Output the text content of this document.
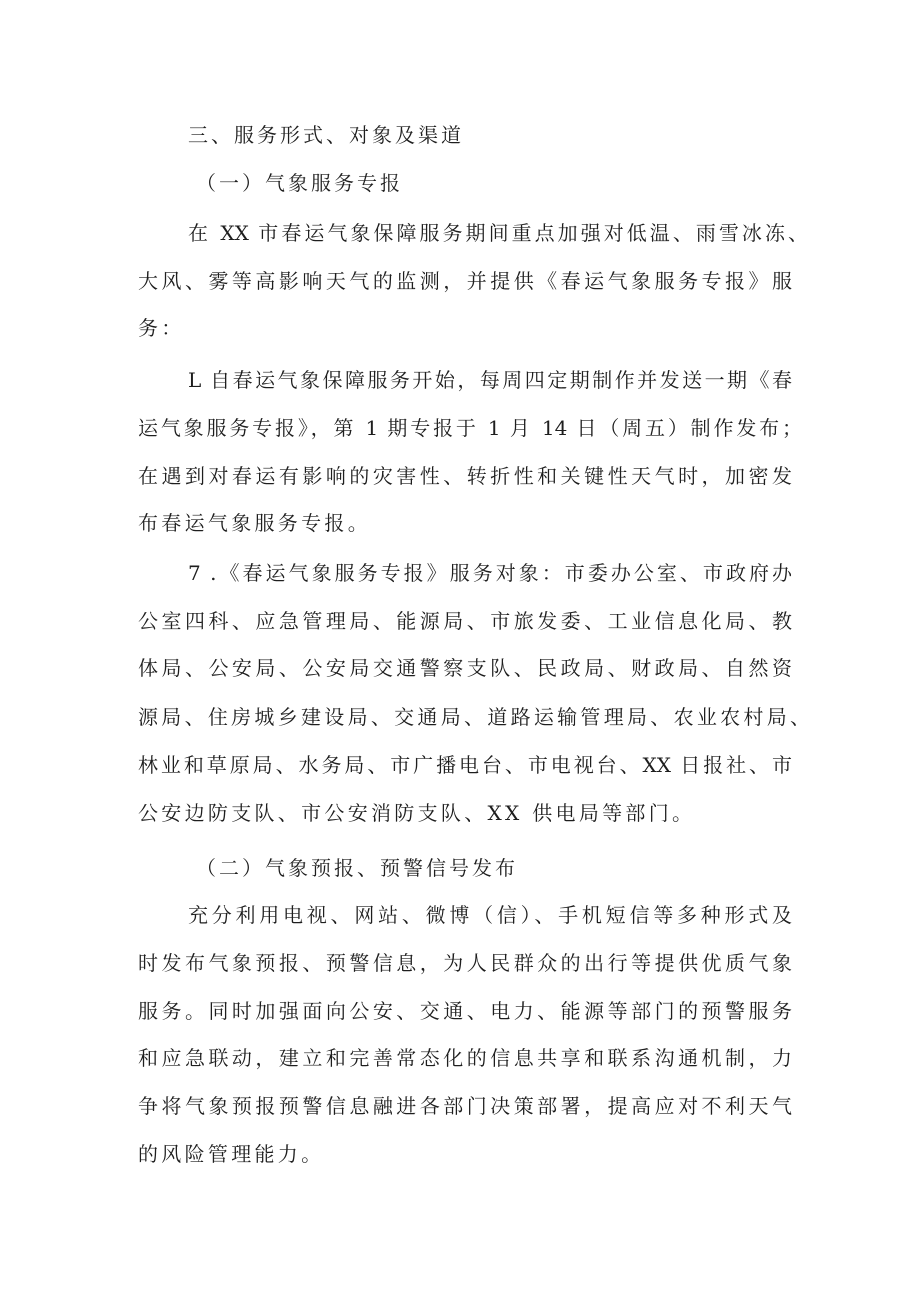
三、服务形式、对象及渠道
（一）气象服务专报
在 XX 市春运气象保障服务期间重点加强对低温、雨雪冰冻、
大风、雾等高影响天气的监测，并提供《春运气象服务专报》服
务：
L 自春运气象保障服务开始，每周四定期制作并发送一期《春
运气象服务专报》，第 1 期专报于 1 月 14 日（周五）制作发布；
在遇到对春运有影响的灾害性、转折性和关键性天气时，加密发
布春运气象服务专报。
7 .《春运气象服务专报》服务对象：市委办公室、市政府办
公室四科、应急管理局、能源局、市旅发委、工业信息化局、教
体局、公安局、公安局交通警察支队、民政局、财政局、自然资
源局、住房城乡建设局、交通局、道路运输管理局、农业农村局、
林业和草原局、水务局、市广播电台、市电视台、XX 日报社、市
公安边防支队、市公安消防支队、XX 供电局等部门。
（二）气象预报、预警信号发布
充分利用电视、网站、微博（信）、手机短信等多种形式及
时发布气象预报、预警信息，为人民群众的出行等提供优质气象
服务。同时加强面向公安、交通、电力、能源等部门的预警服务
和应急联动，建立和完善常态化的信息共享和联系沟通机制，力
争将气象预报预警信息融进各部门决策部署，提高应对不利天气
的风险管理能力。
